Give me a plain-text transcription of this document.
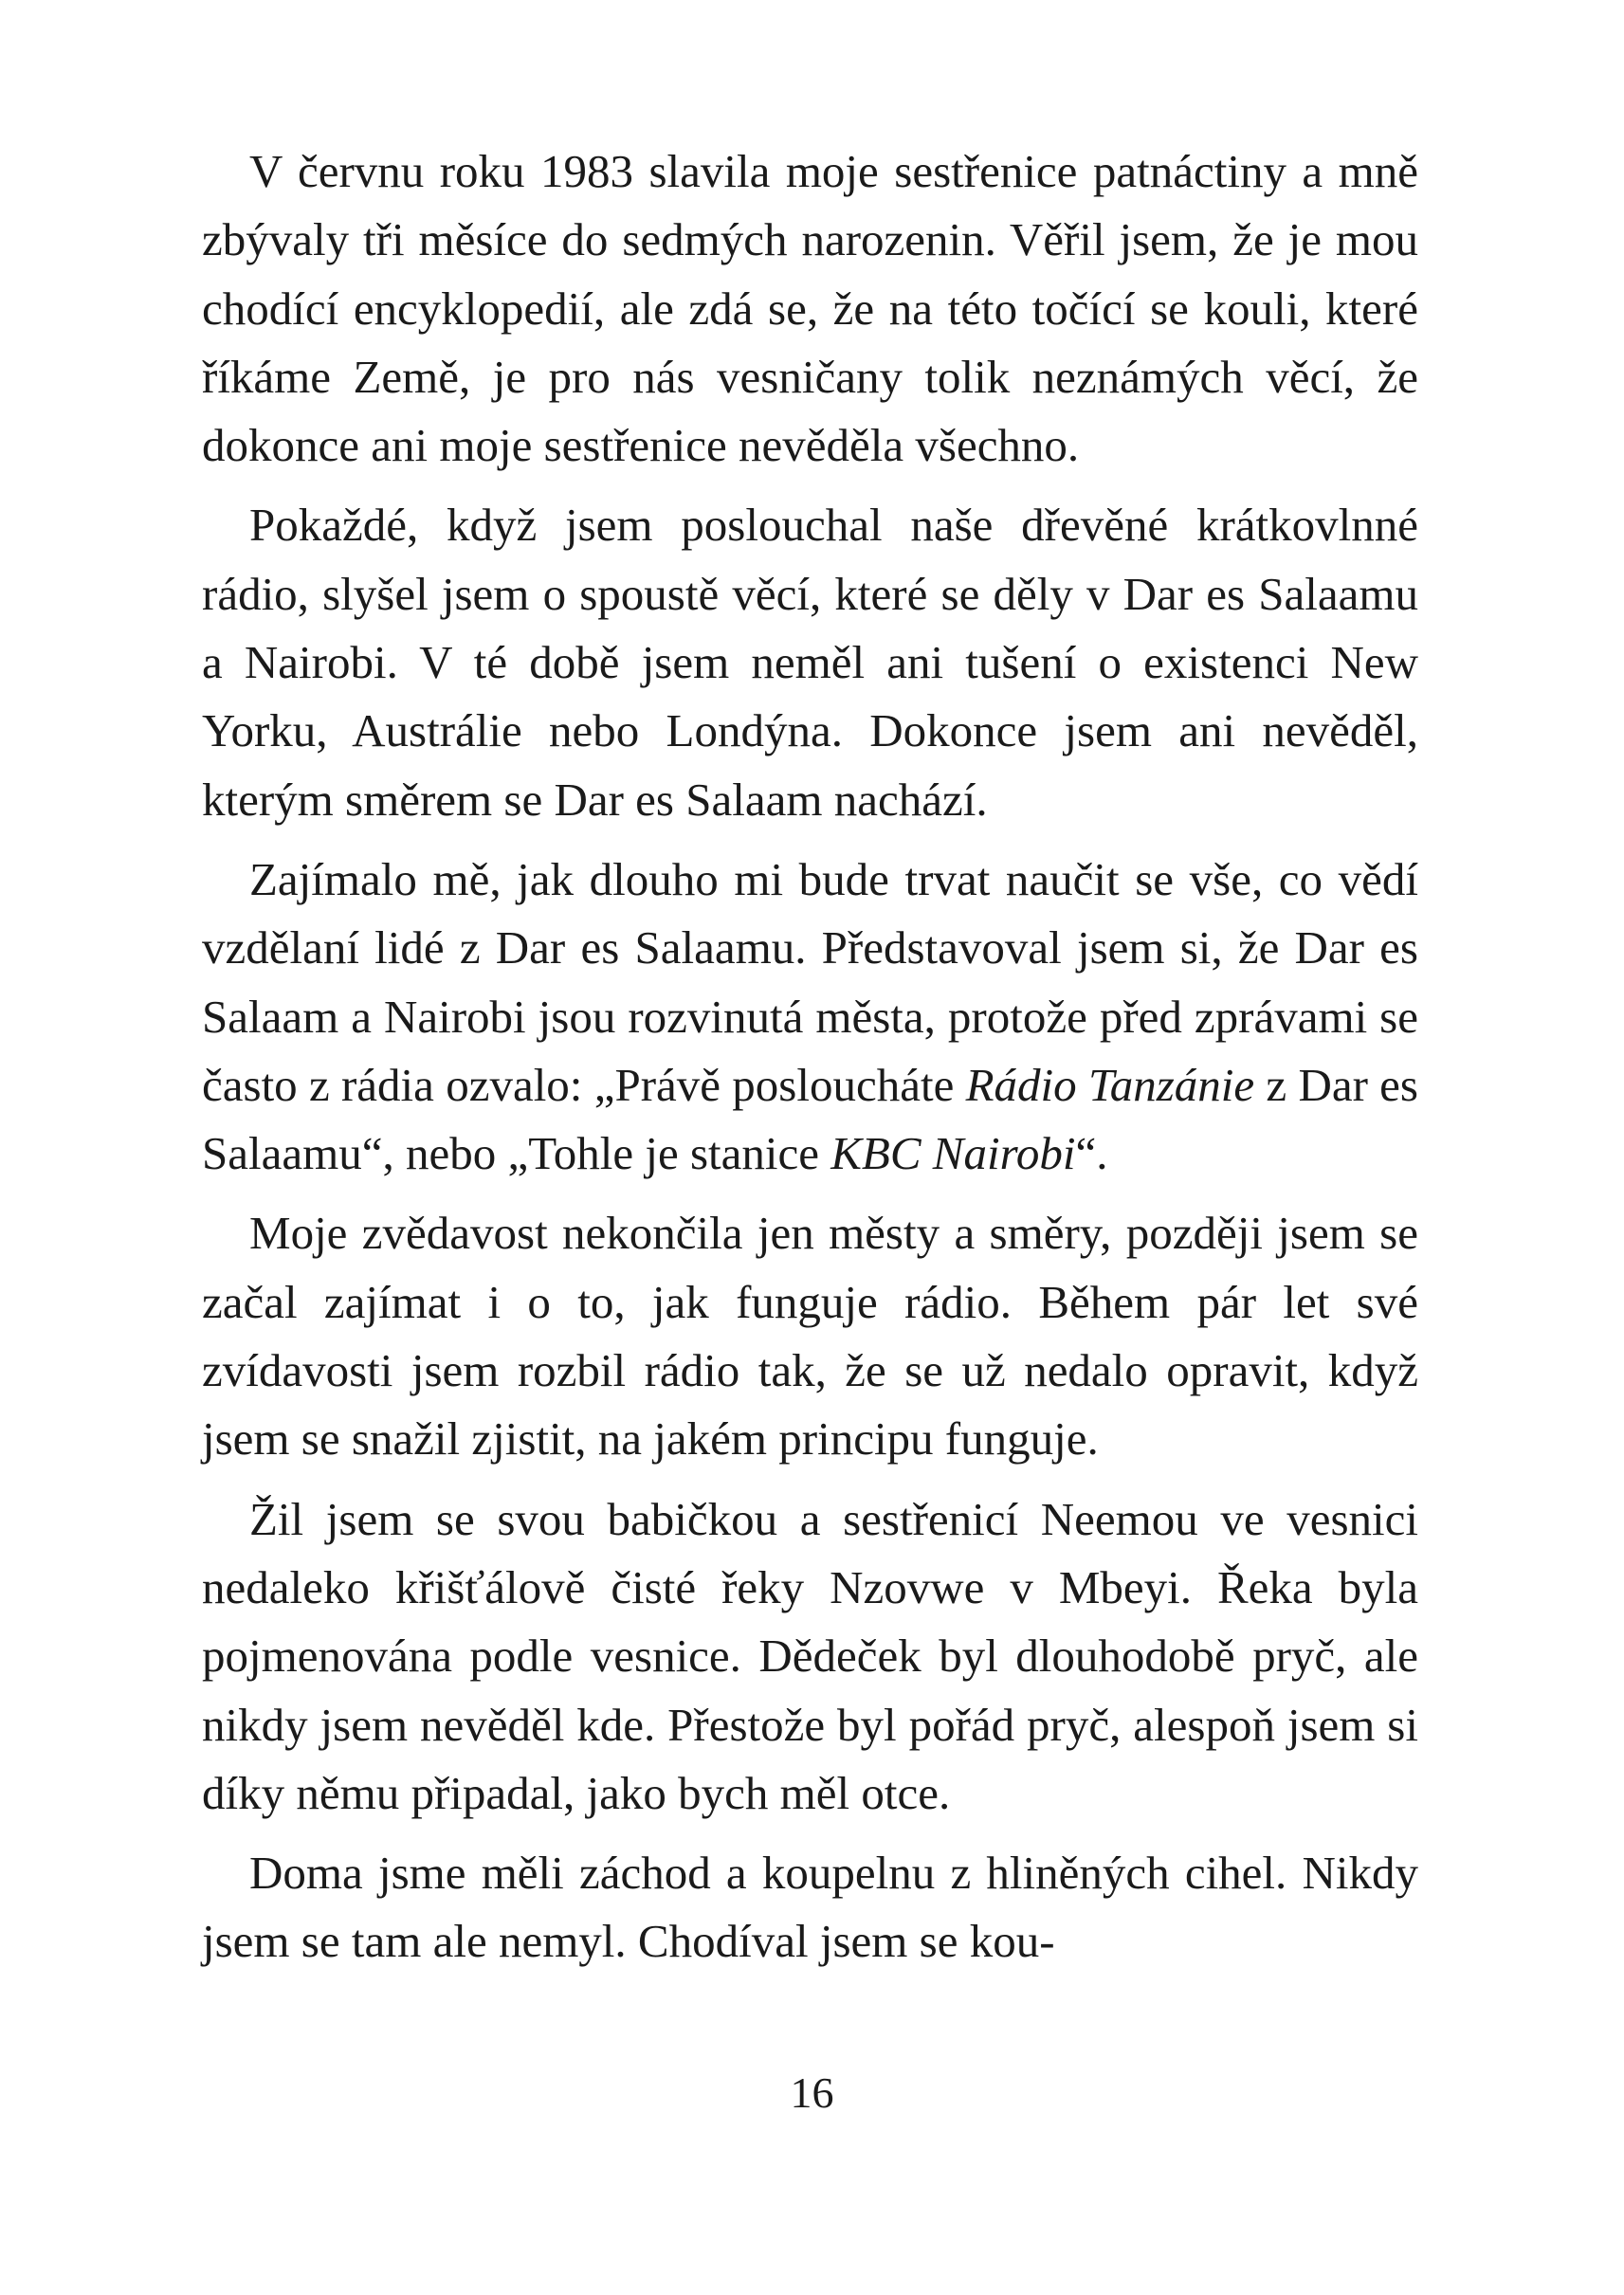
V červnu roku 1983 slavila moje sestřenice patnáctiny a mně zbývaly tři měsíce do sedmých narozenin. Věřil jsem, že je mou chodící encyklopedií, ale zdá se, že na této točící se kouli, které říkáme Země, je pro nás vesničany tolik neznámých věcí, že dokonce ani moje sestřenice nevěděla všechno.

Pokaždé, když jsem poslouchal naše dřevěné krátkovlnné rádio, slyšel jsem o spoustě věcí, které se děly v Dar es Salaamu a Nairobi. V té době jsem neměl ani tušení o existenci New Yorku, Austrálie nebo Londýna. Dokonce jsem ani nevěděl, kterým směrem se Dar es Salaam nachází.

Zajímalo mě, jak dlouho mi bude trvat naučit se vše, co vědí vzdělaní lidé z Dar es Salaamu. Představoval jsem si, že Dar es Salaam a Nairobi jsou rozvinutá města, protože před zprávami se často z rádia ozvalo: „Právě posloucháte Rádio Tanzánie z Dar es Salaamu“, nebo „Tohle je stanice KBC Nairobi“.

Moje zvědavost nekončila jen městy a směry, později jsem se začal zajímat i o to, jak funguje rádio. Během pár let své zvídavosti jsem rozbil rádio tak, že se už nedalo opravit, když jsem se snažil zjistit, na jakém principu funguje.

Žil jsem se svou babičkou a sestřenicí Neemou ve vesnici nedaleko křišťálově čisté řeky Nzovwe v Mbeyi. Řeka byla pojmenována podle vesnice. Dědeček byl dlouhodobě pryč, ale nikdy jsem nevěděl kde. Přestože byl pořád pryč, alespoň jsem si díky němu připadal, jako bych měl otce.

Doma jsme měli záchod a koupelnu z hliněných cihel. Nikdy jsem se tam ale nemyl. Chodíval jsem se kou-

16
